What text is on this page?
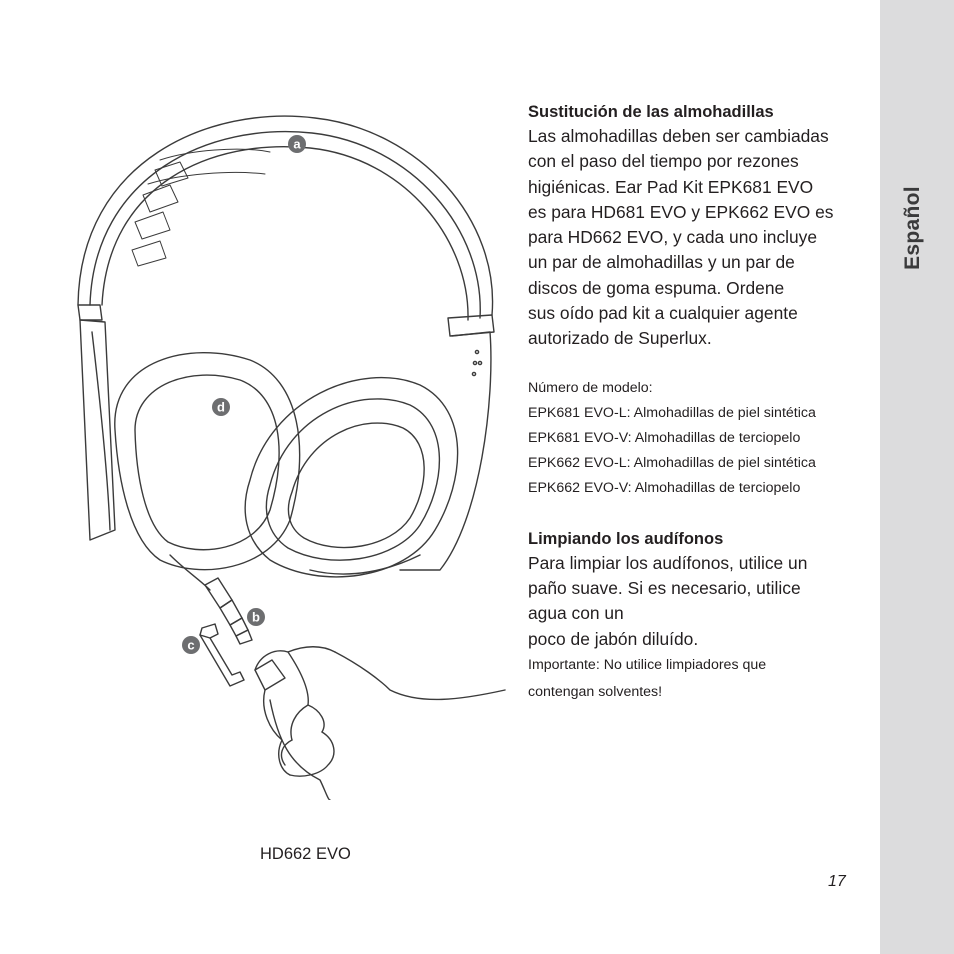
Español
a
d
b
c
Sustitución de las almohadillas

Las almohadillas deben ser cambiadas

con el paso del tiempo por rezones

higiénicas. Ear Pad Kit EPK681 EVO

es para HD681 EVO y EPK662 EVO es

para HD662 EVO, y cada uno incluye

un par de almohadillas y un par de

discos de goma espuma. Ordene

sus oído pad kit a cualquier agente

autorizado de Superlux.

Número de modelo:

EPK681 EVO-L: Almohadillas de piel sintética
EPK681 EVO-V: Almohadillas de terciopelo
EPK662 EVO-L: Almohadillas de piel sintética
EPK662 EVO-V: Almohadillas de terciopelo
Limpiando los audífonos

Para limpiar los audífonos, utilice un

paño suave. Si es necesario, utilice

agua con un

poco de jabón diluído.

Importante: No utilice limpiadores que

contengan solventes!

HD662 EVO
17
